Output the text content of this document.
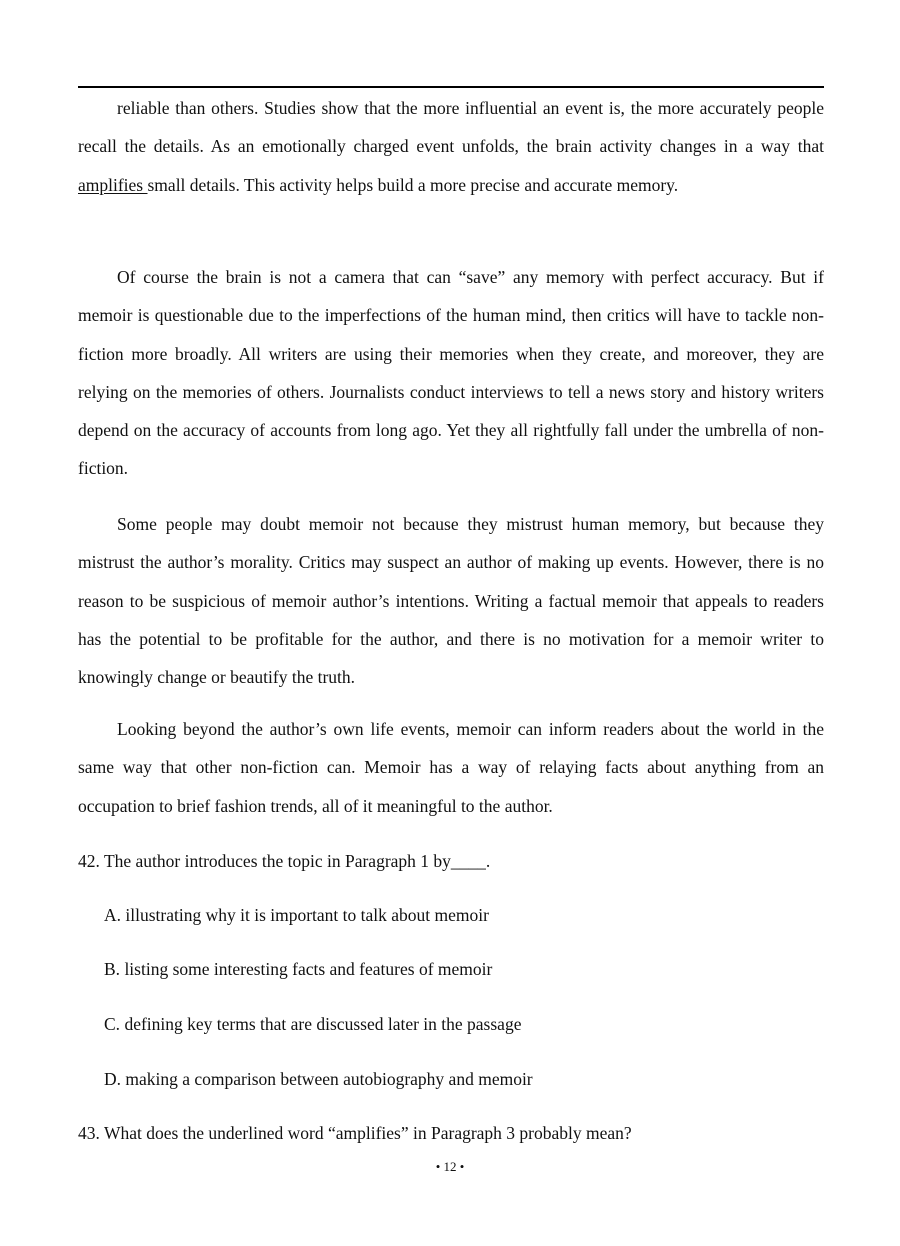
reliable than others. Studies show that the more influential an event is, the more accurately people recall the details. As an emotionally charged event unfolds, the brain activity changes in a way that amplifies small details. This activity helps build a more precise and accurate memory.

Of course the brain is not a camera that can “save” any memory with perfect accuracy. But if memoir is questionable due to the imperfections of the human mind, then critics will have to tackle non-fiction more broadly. All writers are using their memories when they create, and moreover, they are relying on the memories of others. Journalists conduct interviews to tell a news story and history writers depend on the accuracy of accounts from long ago. Yet they all rightfully fall under the umbrella of non-fiction.

Some people may doubt memoir not because they mistrust human memory, but because they mistrust the author’s morality. Critics may suspect an author of making up events. However, there is no reason to be suspicious of memoir author’s intentions. Writing a factual memoir that appeals to readers has the potential to be profitable for the author, and there is no motivation for a memoir writer to knowingly change or beautify the truth.

Looking beyond the author’s own life events, memoir can inform readers about the world in the same way that other non-fiction can. Memoir has a way of relaying facts about anything from an occupation to brief fashion trends, all of it meaningful to the author.

42. The author introduces the topic in Paragraph 1 by____.

A. illustrating why it is important to talk about memoir

B. listing some interesting facts and features of memoir

C. defining key terms that are discussed later in the passage

D. making a comparison between autobiography and memoir

43. What does the underlined word “amplifies” in Paragraph 3 probably mean?

• 12 •
